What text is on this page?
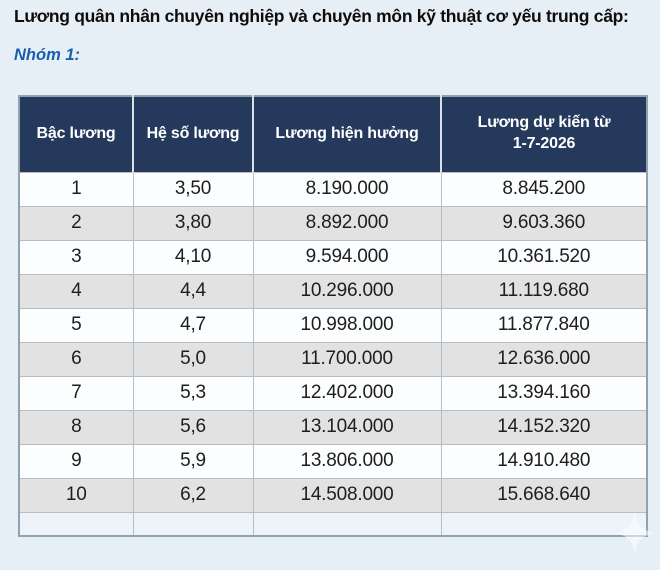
Lương quân nhân chuyên nghiệp và chuyên môn kỹ thuật cơ yếu trung cấp:
Nhóm 1:
Bậc lương	Hệ số lương	Lương hiện hưởng	Lương dự kiến từ
1-7-2026
1	3,50	8.190.000	8.845.200
2	3,80	8.892.000	9.603.360
3	4,10	9.594.000	10.361.520
4	4,4	10.296.000	11.119.680
5	4,7	10.998.000	11.877.840
6	5,0	11.700.000	12.636.000
7	5,3	12.402.000	13.394.160
8	5,6	13.104.000	14.152.320
9	5,9	13.806.000	14.910.480
10	6,2	14.508.000	15.668.640
